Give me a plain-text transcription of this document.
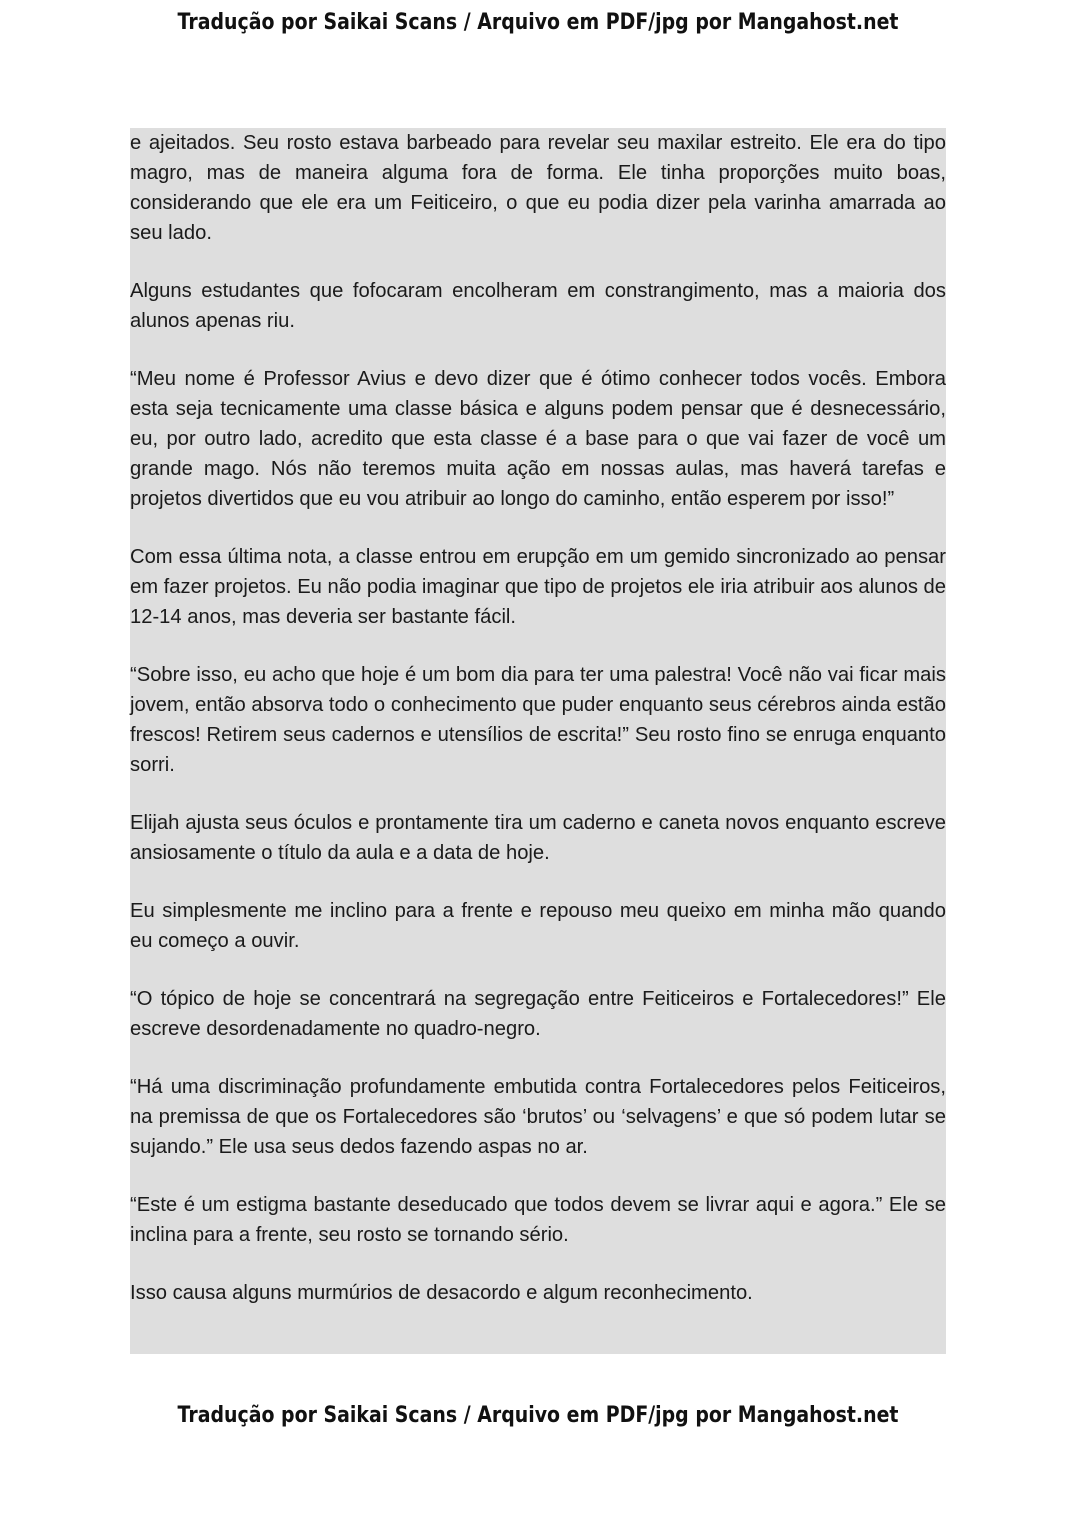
Tradução por Saikai Scans / Arquivo em PDF/jpg por Mangahost.net

e ajeitados. Seu rosto estava barbeado para revelar seu maxilar estreito. Ele era do tipo magro, mas de maneira alguma fora de forma. Ele tinha proporções muito boas, considerando que ele era um Feiticeiro, o que eu podia dizer pela varinha amarrada ao seu lado.

Alguns estudantes que fofocaram encolheram em constrangimento, mas a maioria dos alunos apenas riu.

“Meu nome é Professor Avius e devo dizer que é ótimo conhecer todos vocês. Embora esta seja tecnicamente uma classe básica e alguns podem pensar que é desnecessário, eu, por outro lado, acredito que esta classe é a base para o que vai fazer de você um grande mago. Nós não teremos muita ação em nossas aulas, mas haverá tarefas e projetos divertidos que eu vou atribuir ao longo do caminho, então esperem por isso!”

Com essa última nota, a classe entrou em erupção em um gemido sincronizado ao pensar em fazer projetos. Eu não podia imaginar que tipo de projetos ele iria atribuir aos alunos de 12-14 anos, mas deveria ser bastante fácil.

“Sobre isso, eu acho que hoje é um bom dia para ter uma palestra! Você não vai ficar mais jovem, então absorva todo o conhecimento que puder enquanto seus cérebros ainda estão frescos! Retirem seus cadernos e utensílios de escrita!” Seu rosto fino se enruga enquanto sorri.

Elijah ajusta seus óculos e prontamente tira um caderno e caneta novos enquanto escreve ansiosamente o título da aula e a data de hoje.

Eu simplesmente me inclino para a frente e repouso meu queixo em minha mão quando eu começo a ouvir.

“O tópico de hoje se concentrará na segregação entre Feiticeiros e Fortalecedores!” Ele escreve desordenadamente no quadro-negro.

“Há uma discriminação profundamente embutida contra Fortalecedores pelos Feiticeiros, na premissa de que os Fortalecedores são ‘brutos’ ou ‘selvagens’ e que só podem lutar se sujando.” Ele usa seus dedos fazendo aspas no ar.

“Este é um estigma bastante deseducado que todos devem se livrar aqui e agora.” Ele se inclina para a frente, seu rosto se tornando sério.

Isso causa alguns murmúrios de desacordo e algum reconhecimento.

Tradução por Saikai Scans / Arquivo em PDF/jpg por Mangahost.net
